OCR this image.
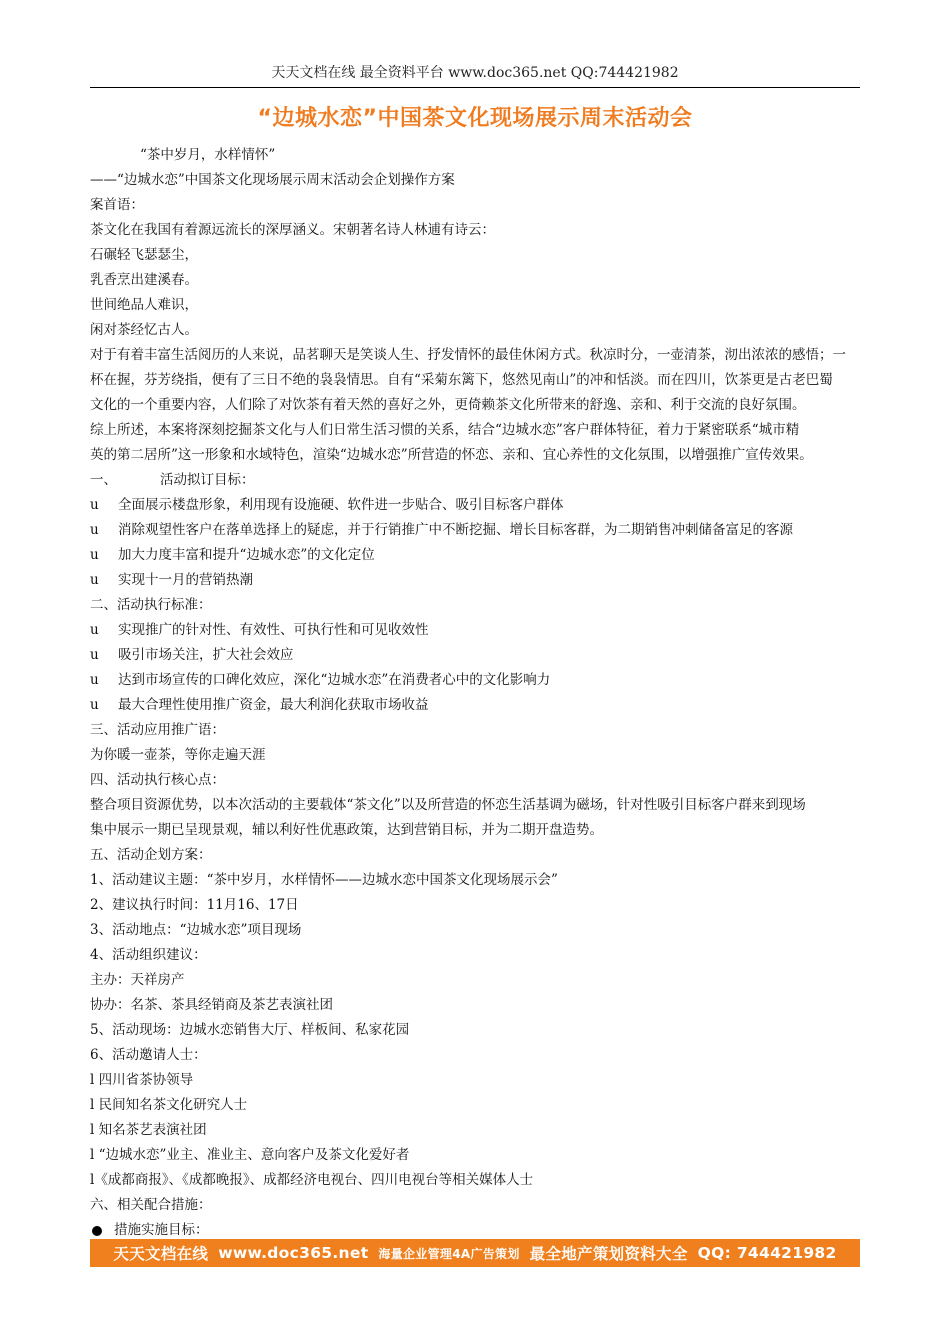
天天文档在线 最全资料平台 www.doc365.net QQ:744421982
“边城水恋”中国茶文化现场展示周末活动会
“茶中岁月，水样情怀”
——“边城水恋”中国茶文化现场展示周末活动会企划操作方案
案首语：
茶文化在我国有着源远流长的深厚涵义。宋朝著名诗人林逋有诗云：
石碾轻飞瑟瑟尘，
乳香烹出建溪春。
世间绝品人难识，
闲对茶经忆古人。
对于有着丰富生活阅历的人来说，品茗聊天是笑谈人生、抒发情怀的最佳休闲方式。秋凉时分，一壶清茶，沏出浓浓的感悟；一
杯在握，芬芳绕指，便有了三日不绝的袅袅情思。自有“采菊东篱下，悠然见南山”的冲和恬淡。而在四川，饮茶更是古老巴蜀
文化的一个重要内容，人们除了对饮茶有着天然的喜好之外，更倚赖茶文化所带来的舒逸、亲和、利于交流的良好氛围。
综上所述，本案将深刻挖掘茶文化与人们日常生活习惯的关系，结合“边城水恋”客户群体特征，着力于紧密联系“城市精
英的第二居所”这一形象和水域特色，渲染“边城水恋”所营造的怀恋、亲和、宜心养性的文化氛围，以增强推广宣传效果。
一、	活动拟订目标：
u	全面展示楼盘形象，利用现有设施硬、软件进一步贴合、吸引目标客户群体
u	消除观望性客户在落单选择上的疑虑，并于行销推广中不断挖掘、增长目标客群，为二期销售冲刺储备富足的客源
u	加大力度丰富和提升“边城水恋”的文化定位
u	实现十一月的营销热潮
二、活动执行标准：
u	实现推广的针对性、有效性、可执行性和可见收效性
u	吸引市场关注，扩大社会效应
u	达到市场宣传的口碑化效应，深化“边城水恋”在消费者心中的文化影响力
u	最大合理性使用推广资金，最大利润化获取市场收益
三、活动应用推广语：
为你暖一壶茶，等你走遍天涯
四、活动执行核心点：
整合项目资源优势，以本次活动的主要载体“茶文化”以及所营造的怀恋生活基调为磁场，针对性吸引目标客户群来到现场
集中展示一期已呈现景观，辅以利好性优惠政策，达到营销目标，并为二期开盘造势。
五、活动企划方案：
1、活动建议主题：“茶中岁月，水样情怀——边城水恋中国茶文化现场展示会”
2、建议执行时间：11月16、17日
3、活动地点：“边城水恋”项目现场
4、活动组织建议：
主办：天祥房产
协办：名茶、茶具经销商及茶艺表演社团
5、活动现场：边城水恋销售大厅、样板间、私家花园
6、活动邀请人士：
l 四川省茶协领导
l 民间知名茶文化研究人士
l 知名茶艺表演社团
l “边城水恋”业主、准业主、意向客户及茶文化爱好者
l《成都商报》、《成都晚报》、成都经济电视台、四川电视台等相关媒体人士
六、相关配合措施：
措施实施目标：
天天文档在线 www.doc365.net 海量企业管理4A广告策划 最全地产策划资料大全 QQ: 744421982
